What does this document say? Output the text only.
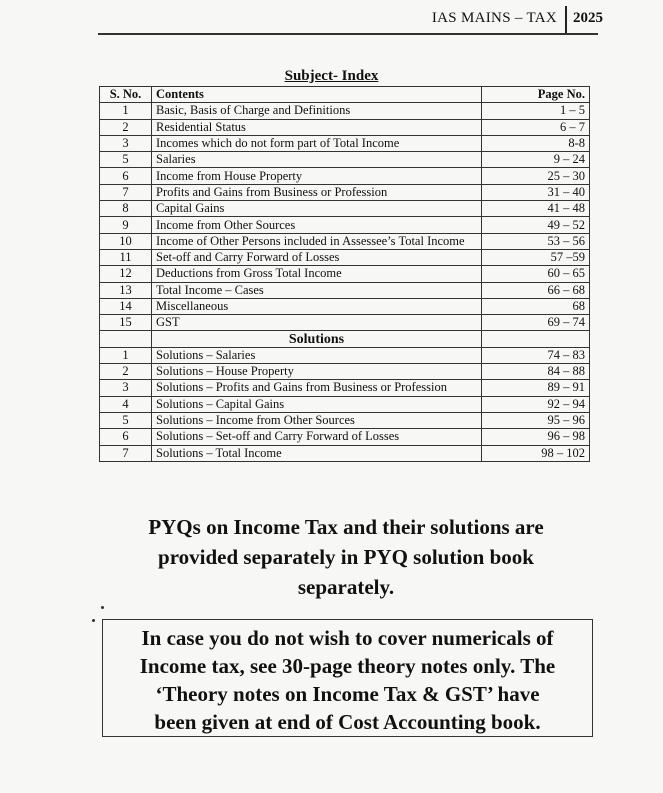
IAS MAINS – TAX	2025
Subject- Index
S. No.	Contents	Page No.
1	Basic, Basis of Charge and Definitions	1 – 5
2	Residential Status	6 – 7
3	Incomes which do not form part of Total Income	8-8
5	Salaries	9 – 24
6	Income from House Property	25 – 30
7	Profits and Gains from Business or Profession	31 – 40
8	Capital Gains	41 – 48
9	Income from Other Sources	49 – 52
10	Income of Other Persons included in Assessee’s Total Income	53 – 56
11	Set-off and Carry Forward of Losses	57 –59
12	Deductions from Gross Total Income	60 – 65
13	Total Income – Cases	66 – 68
14	Miscellaneous	68
15	GST	69 – 74
	Solutions	
1	Solutions – Salaries	74 – 83
2	Solutions – House Property	84 – 88
3	Solutions – Profits and Gains from Business or Profession	89 – 91
4	Solutions – Capital Gains	92 – 94
5	Solutions – Income from Other Sources	95 – 96
6	Solutions – Set-off and Carry Forward of Losses	96 – 98
7	Solutions – Total Income	98 – 102
PYQs on Income Tax and their solutions are
provided separately in PYQ solution book
separately.
In case you do not wish to cover numericals of
Income tax, see 30-page theory notes only. The
‘Theory notes on Income Tax & GST’ have
been given at end of Cost Accounting book.
